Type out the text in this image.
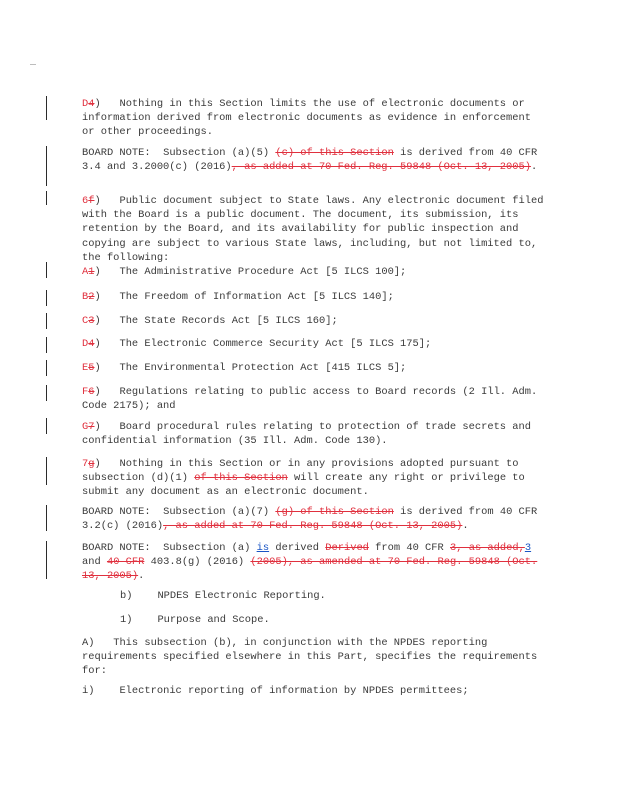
D4)   Nothing in this Section limits the use of electronic documents or information derived from electronic documents as evidence in enforcement or other proceedings.

BOARD NOTE: Subsection (a)(5) (c) of this Section is derived from 40 CFR 3.4 and 3.2000(c) (2016), as added at 70 Fed. Reg. 59848 (Oct. 13, 2005).

6f)   Public document subject to State laws. Any electronic document filed with the Board is a public document. The document, its submission, its retention by the Board, and its availability for public inspection and copying are subject to various State laws, including, but not limited to, the following:

A1)   The Administrative Procedure Act [5 ILCS 100];

B2)   The Freedom of Information Act [5 ILCS 140];

C3)   The State Records Act [5 ILCS 160];

D4)   The Electronic Commerce Security Act [5 ILCS 175];

E5)   The Environmental Protection Act [415 ILCS 5];

F6)   Regulations relating to public access to Board records (2 Ill. Adm. Code 2175); and

G7)   Board procedural rules relating to protection of trade secrets and confidential information (35 Ill. Adm. Code 130).

7g)   Nothing in this Section or in any provisions adopted pursuant to subsection (d)(1) of this Section will create any right or privilege to submit any document as an electronic document.

BOARD NOTE: Subsection (a)(7) (g) of this Section is derived from 40 CFR 3.2(c) (2016), as added at 70 Fed. Reg. 59848 (Oct. 13, 2005).

BOARD NOTE: Subsection (a) is derived Derived from 40 CFR 3, as added,3 and 40 CFR 403.8(g) (2016) (2005), as amended at 70 Fed. Reg. 59848 (Oct. 13, 2005).

b) NPDES Electronic Reporting.

1) Purpose and Scope.

A) This subsection (b), in conjunction with the NPDES reporting requirements specified elsewhere in this Part, specifies the requirements for:

i) Electronic reporting of information by NPDES permittees;
